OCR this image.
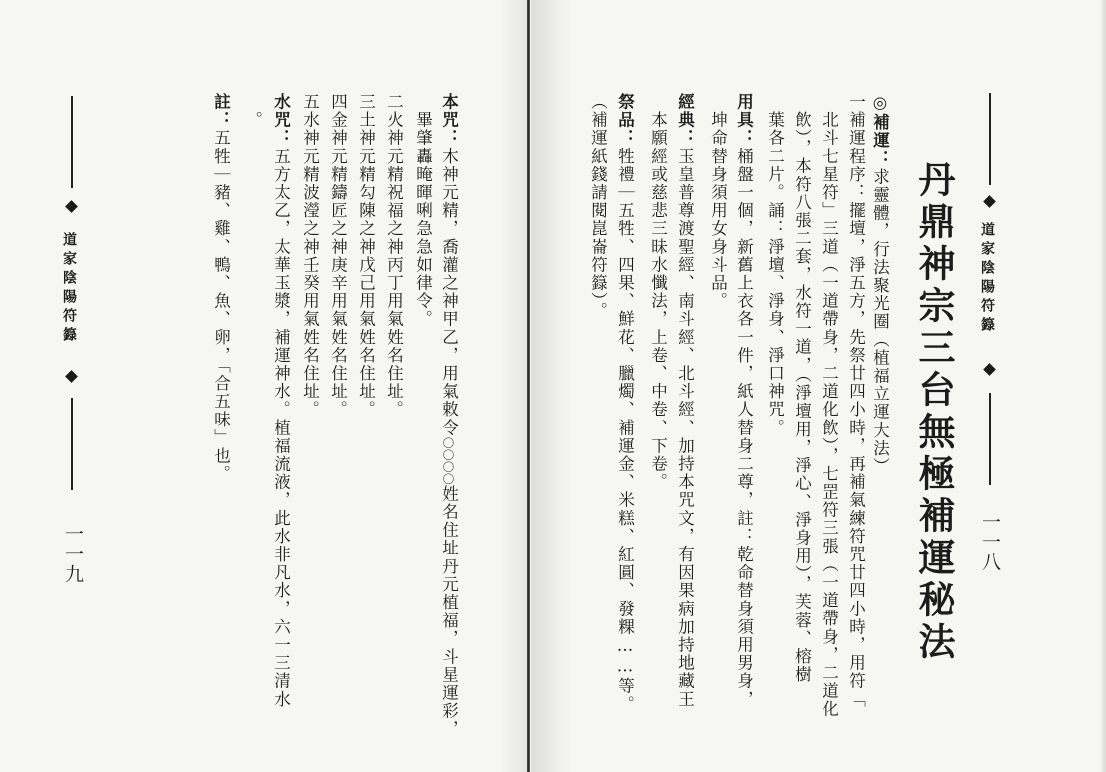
本咒：木神元精，喬灌之神甲乙，用氣敕令〇〇〇〇姓名住址丹元植福，斗星運彩，
　畢肇轟晻暉唎急急如律令。
二火神元精祝福之神丙丁用氣姓名住址。
三土神元精勾陳之神戊己用氣姓名住址。
四金神元精鑄匠之神庚辛用氣姓名住址。
五水神元精波瀅之神壬癸用氣姓名住址。
水咒：五方太乙，太華玉漿，補運神水。植福流液，此水非凡水，六一三清水
　。
註：五牲｜豬、雞、鴨、魚、卵，「合五味」也。
道家陰陽符籙
一一九
道家陰陽符籙
一一八
丹鼎神宗三台無極補運秘法
◎補運：求靈體，行法聚光圈（植福立運大法）
一補運程序：擺壇，淨五方，先祭廿四小時，再補氣練符咒廿四小時，用符「
　北斗七星符」三道（一道帶身，二道化飲），七罡符三張（一道帶身，二道化
　飲），本符八張二套，水符一道，（淨壇用，淨心、淨身用），芙蓉、榕樹
　葉各二片。誦：淨壇、淨身、淨口神咒。
用具：桶盤一個，新舊上衣各一件，紙人替身二尊，註：乾命替身須用男身，
　坤命替身須用女身斗品。
經典：玉皇普尊渡聖經、南斗經、北斗經、加持本咒文，有因果病加持地藏王
　本願經或慈悲三昧水懺法，上卷、中卷、下卷。
祭品：牲禮｜五牲、四果、鮮花、臘燭、補運金、米糕、紅圓、發粿……等。
（補運紙錢請閱崑崙符籙）。
